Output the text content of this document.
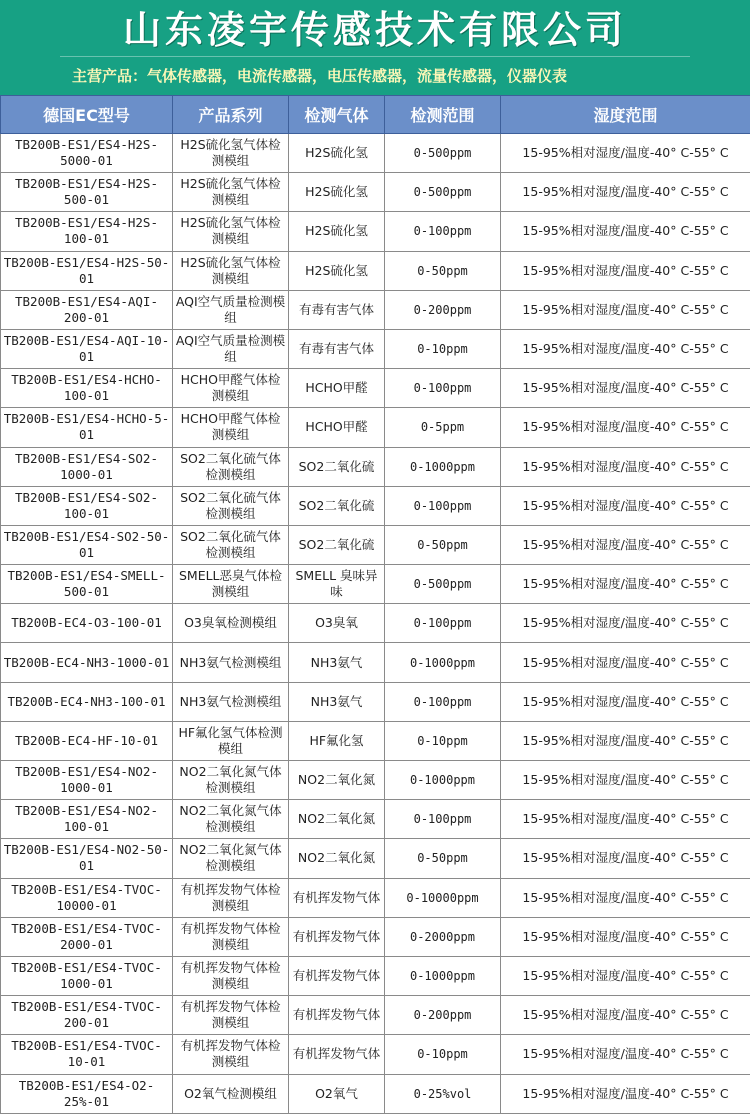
山东凌宇传感技术有限公司
主营产品：气体传感器，电流传感器，电压传感器，流量传感器，仪器仪表
德国EC型号	产品系列	检测气体	检测范围	湿度范围
TB200B-ES1/ES4-H2S-5000-01	H2S硫化氢气体检测模组	H2S硫化氢	0-500ppm	15-95%相对湿度/温度-40° C-55° C
TB200B-ES1/ES4-H2S-500-01	H2S硫化氢气体检测模组	H2S硫化氢	0-500ppm	15-95%相对湿度/温度-40° C-55° C
TB200B-ES1/ES4-H2S-100-01	H2S硫化氢气体检测模组	H2S硫化氢	0-100ppm	15-95%相对湿度/温度-40° C-55° C
TB200B-ES1/ES4-H2S-50-01	H2S硫化氢气体检测模组	H2S硫化氢	0-50ppm	15-95%相对湿度/温度-40° C-55° C
TB200B-ES1/ES4-AQI-200-01	AQI空气质量检测模组	有毒有害气体	0-200ppm	15-95%相对湿度/温度-40° C-55° C
TB200B-ES1/ES4-AQI-10-01	AQI空气质量检测模组	有毒有害气体	0-10ppm	15-95%相对湿度/温度-40° C-55° C
TB200B-ES1/ES4-HCHO-100-01	HCHO甲醛气体检测模组	HCHO甲醛	0-100ppm	15-95%相对湿度/温度-40° C-55° C
TB200B-ES1/ES4-HCHO-5-01	HCHO甲醛气体检测模组	HCHO甲醛	0-5ppm	15-95%相对湿度/温度-40° C-55° C
TB200B-ES1/ES4-SO2-1000-01	SO2二氧化硫气体检测模组	SO2二氧化硫	0-1000ppm	15-95%相对湿度/温度-40° C-55° C
TB200B-ES1/ES4-SO2-100-01	SO2二氧化硫气体检测模组	SO2二氧化硫	0-100ppm	15-95%相对湿度/温度-40° C-55° C
TB200B-ES1/ES4-SO2-50-01	SO2二氧化硫气体检测模组	SO2二氧化硫	0-50ppm	15-95%相对湿度/温度-40° C-55° C
TB200B-ES1/ES4-SMELL-500-01	SMELL恶臭气体检测模组	SMELL 臭味异味	0-500ppm	15-95%相对湿度/温度-40° C-55° C
TB200B-EC4-O3-100-01	O3臭氧检测模组	O3臭氧	0-100ppm	15-95%相对湿度/温度-40° C-55° C
TB200B-EC4-NH3-1000-01	NH3氨气检测模组	NH3氨气	0-1000ppm	15-95%相对湿度/温度-40° C-55° C
TB200B-EC4-NH3-100-01	NH3氨气检测模组	NH3氨气	0-100ppm	15-95%相对湿度/温度-40° C-55° C
TB200B-EC4-HF-10-01	HF氟化氢气体检测模组	HF氟化氢	0-10ppm	15-95%相对湿度/温度-40° C-55° C
TB200B-ES1/ES4-NO2-1000-01	NO2二氧化氮气体检测模组	NO2二氧化氮	0-1000ppm	15-95%相对湿度/温度-40° C-55° C
TB200B-ES1/ES4-NO2-100-01	NO2二氧化氮气体检测模组	NO2二氧化氮	0-100ppm	15-95%相对湿度/温度-40° C-55° C
TB200B-ES1/ES4-NO2-50-01	NO2二氧化氮气体检测模组	NO2二氧化氮	0-50ppm	15-95%相对湿度/温度-40° C-55° C
TB200B-ES1/ES4-TVOC-10000-01	有机挥发物气体检测模组	有机挥发物气体	0-10000ppm	15-95%相对湿度/温度-40° C-55° C
TB200B-ES1/ES4-TVOC-2000-01	有机挥发物气体检测模组	有机挥发物气体	0-2000ppm	15-95%相对湿度/温度-40° C-55° C
TB200B-ES1/ES4-TVOC-1000-01	有机挥发物气体检测模组	有机挥发物气体	0-1000ppm	15-95%相对湿度/温度-40° C-55° C
TB200B-ES1/ES4-TVOC-200-01	有机挥发物气体检测模组	有机挥发物气体	0-200ppm	15-95%相对湿度/温度-40° C-55° C
TB200B-ES1/ES4-TVOC-10-01	有机挥发物气体检测模组	有机挥发物气体	0-10ppm	15-95%相对湿度/温度-40° C-55° C
TB200B-ES1/ES4-O2-25%-01	O2氧气检测模组	O2氧气	0-25%vol	15-95%相对湿度/温度-40° C-55° C
